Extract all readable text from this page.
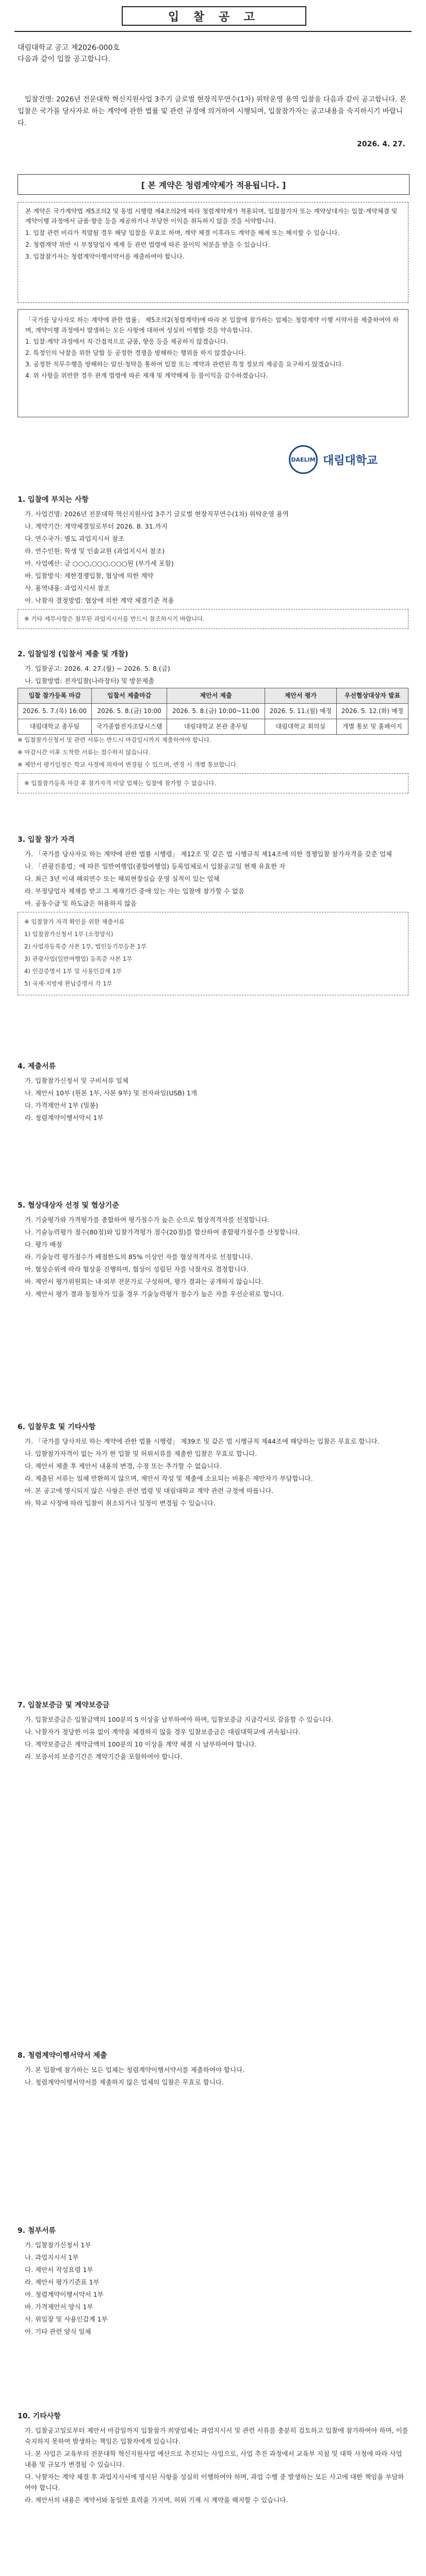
입 찰 공 고
대림대학교 공고 제2026-000호
다음과 같이 입찰 공고합니다.
입찰건명: 2026년 전문대학 혁신지원사업 3주기 글로벌 현장직무연수(1차) 위탁운영 용역 입찰을 다음과 같이 공고합니다. 본 입찰은 국가를 당사자로 하는 계약에 관한 법률 및 관련 규정에 의거하여 시행되며, 입찰참가자는 공고내용을 숙지하시기 바랍니다.
2026. 4. 27.
[ 본 계약은 청렴계약제가 적용됩니다. ]

본 계약은 국가계약법 제5조의2 및 동법 시행령 제4조의2에 따라 청렴계약제가 적용되며, 입찰참가자 또는 계약상대자는 입찰·계약체결 및 계약이행 과정에서 금품·향응 등을 제공하거나 부당한 이익을 취득하지 않을 것을 서약합니다.

1. 입찰 관련 비리가 적발될 경우 해당 입찰을 무효로 하며, 계약 체결 이후라도 계약을 해제 또는 해지할 수 있습니다.

2. 청렴계약 위반 시 부정당업자 제재 등 관련 법령에 따른 불이익 처분을 받을 수 있습니다.

3. 입찰참가자는 청렴계약이행서약서를 제출하여야 합니다.

「국가를 당사자로 하는 계약에 관한 법률」 제5조의2(청렴계약)에 따라 본 입찰에 참가하는 업체는 청렴계약 이행 서약서를 제출하여야 하며, 계약이행 과정에서 발생하는 모든 사항에 대하여 성실히 이행할 것을 약속합니다.

1. 입찰·계약 과정에서 직·간접적으로 금품, 향응 등을 제공하지 않겠습니다.

2. 특정인의 낙찰을 위한 담합 등 공정한 경쟁을 방해하는 행위를 하지 않겠습니다.

3. 공정한 직무수행을 방해하는 알선·청탁을 통하여 입찰 또는 계약과 관련된 특정 정보의 제공을 요구하지 않겠습니다.

4. 위 사항을 위반한 경우 관계 법령에 따른 제재 및 계약해제 등 불이익을 감수하겠습니다.

DAELIM 대림대학교
1. 입찰에 부치는 사항

가. 사업건명: 2026년 전문대학 혁신지원사업 3주기 글로벌 현장직무연수(1차) 위탁운영 용역

나. 계약기간: 계약체결일로부터 2026. 8. 31.까지

다. 연수국가: 별도 과업지시서 참조

라. 연수인원: 학생 및 인솔교원 (과업지시서 참조)

마. 사업예산: 금 ○○○,○○○,○○○원 (부가세 포함)

바. 입찰방식: 제한경쟁입찰, 협상에 의한 계약

사. 용역내용: 과업지시서 참조

아. 낙찰자 결정방법: 협상에 의한 계약 체결기준 적용

※ 기타 세부사항은 첨부된 과업지시서를 반드시 참조하시기 바랍니다.
2. 입찰일정 (입찰서 제출 및 개찰)

가. 입찰공고: 2026. 4. 27.(월) ~ 2026. 5. 8.(금)

나. 입찰방법: 전자입찰(나라장터) 및 방문제출

입찰 참가등록 마감	입찰서 제출마감	제안서 제출	제안서 평가	우선협상대상자 발표
2026. 5. 7.(목) 16:00	2026. 5. 8.(금) 10:00	2026. 5. 8.(금) 10:00~11:00	2026. 5. 11.(월) 예정	2026. 5. 12.(화) 예정
대림대학교 총무팀	국가종합전자조달시스템	대림대학교 본관 총무팀	대림대학교 회의실	개별 통보 및 홈페이지

※ 입찰참가신청서 및 관련 서류는 반드시 마감일시까지 제출하여야 합니다.

※ 마감시간 이후 도착한 서류는 접수하지 않습니다.

※ 제안서 평가일정은 학교 사정에 의하여 변경될 수 있으며, 변경 시 개별 통보합니다.

※ 입찰참가등록 마감 후 참가자격 미달 업체는 입찰에 참가할 수 없습니다.
3. 입찰 참가 자격

가. 「국가를 당사자로 하는 계약에 관한 법률 시행령」 제12조 및 같은 법 시행규칙 제14조에 의한 경쟁입찰 참가자격을 갖춘 업체

나. 「관광진흥법」에 따른 일반여행업(종합여행업) 등록업체로서 입찰공고일 현재 유효한 자

다. 최근 3년 이내 해외연수 또는 해외현장실습 운영 실적이 있는 업체

라. 부정당업자 제재를 받고 그 제재기간 중에 있는 자는 입찰에 참가할 수 없음

마. 공동수급 및 하도급은 허용하지 않음

※ 입찰참가 자격 확인을 위한 제출서류

1) 입찰참가신청서 1부 (소정양식)

2) 사업자등록증 사본 1부, 법인등기부등본 1부

3) 관광사업(일반여행업) 등록증 사본 1부

4) 인감증명서 1부 및 사용인감계 1부

5) 국세·지방세 완납증명서 각 1부

4. 제출서류

가. 입찰참가신청서 및 구비서류 일체

나. 제안서 10부 (원본 1부, 사본 9부) 및 전자파일(USB) 1개

다. 가격제안서 1부 (밀봉)

라. 청렴계약이행서약서 1부

5. 협상대상자 선정 및 협상기준

가. 기술평가와 가격평가를 종합하여 평가점수가 높은 순으로 협상적격자를 선정합니다.

나. 기술능력평가 점수(80점)와 입찰가격평가 점수(20점)를 합산하여 종합평가점수를 산정합니다.

다. 평가 배점

라. 기술능력 평가점수가 배점한도의 85% 이상인 자를 협상적격자로 선정합니다.

마. 협상순위에 따라 협상을 진행하며, 협상이 성립된 자를 낙찰자로 결정합니다.

바. 제안서 평가위원회는 내·외부 전문가로 구성하며, 평가 결과는 공개하지 않습니다.

사. 제안서 평가 결과 동점자가 있을 경우 기술능력평가 점수가 높은 자를 우선순위로 합니다.

6. 입찰무효 및 기타사항

가. 「국가를 당사자로 하는 계약에 관한 법률 시행령」 제39조 및 같은 법 시행규칙 제44조에 해당하는 입찰은 무효로 합니다.

나. 입찰참가자격이 없는 자가 한 입찰 및 허위서류를 제출한 입찰은 무효로 합니다.

다. 제안서 제출 후 제안서 내용의 변경, 수정 또는 추가할 수 없습니다.

라. 제출된 서류는 일체 반환하지 않으며, 제안서 작성 및 제출에 소요되는 비용은 제안자가 부담합니다.

마. 본 공고에 명시되지 않은 사항은 관련 법령 및 대림대학교 계약 관련 규정에 따릅니다.

바. 학교 사정에 따라 입찰이 취소되거나 일정이 변경될 수 있습니다.

7. 입찰보증금 및 계약보증금

가. 입찰보증금은 입찰금액의 100분의 5 이상을 납부하여야 하며, 입찰보증금 지급각서로 갈음할 수 있습니다.

나. 낙찰자가 정당한 이유 없이 계약을 체결하지 않을 경우 입찰보증금은 대림대학교에 귀속됩니다.

다. 계약보증금은 계약금액의 100분의 10 이상을 계약 체결 시 납부하여야 합니다.

라. 보증서의 보증기간은 계약기간을 포함하여야 합니다.

8. 청렴계약이행서약서 제출

가. 본 입찰에 참가하는 모든 업체는 청렴계약이행서약서를 제출하여야 합니다.

나. 청렴계약이행서약서를 제출하지 않은 업체의 입찰은 무효로 합니다.

9. 첨부서류

가. 입찰참가신청서 1부

나. 과업지시서 1부

다. 제안서 작성요령 1부

라. 제안서 평가기준표 1부

마. 청렴계약이행서약서 1부

바. 가격제안서 양식 1부

사. 위임장 및 사용인감계 1부

아. 기타 관련 양식 일체

10. 기타사항

가. 입찰공고일로부터 제안서 마감일까지 입찰참가 희망업체는 과업지시서 및 관련 서류를 충분히 검토하고 입찰에 참가하여야 하며, 이를 숙지하지 못하여 발생하는 책임은 입찰자에게 있습니다.

나. 본 사업은 교육부의 전문대학 혁신지원사업 예산으로 추진되는 사업으로, 사업 추진 과정에서 교육부 지침 및 대학 사정에 따라 사업 내용 및 규모가 변경될 수 있습니다.

다. 낙찰자는 계약 체결 후 과업지시서에 명시된 사항을 성실히 이행하여야 하며, 과업 수행 중 발생하는 모든 사고에 대한 책임을 부담하여야 합니다.

라. 제안서의 내용은 계약서와 동일한 효력을 가지며, 허위 기재 시 계약을 해지할 수 있습니다.
